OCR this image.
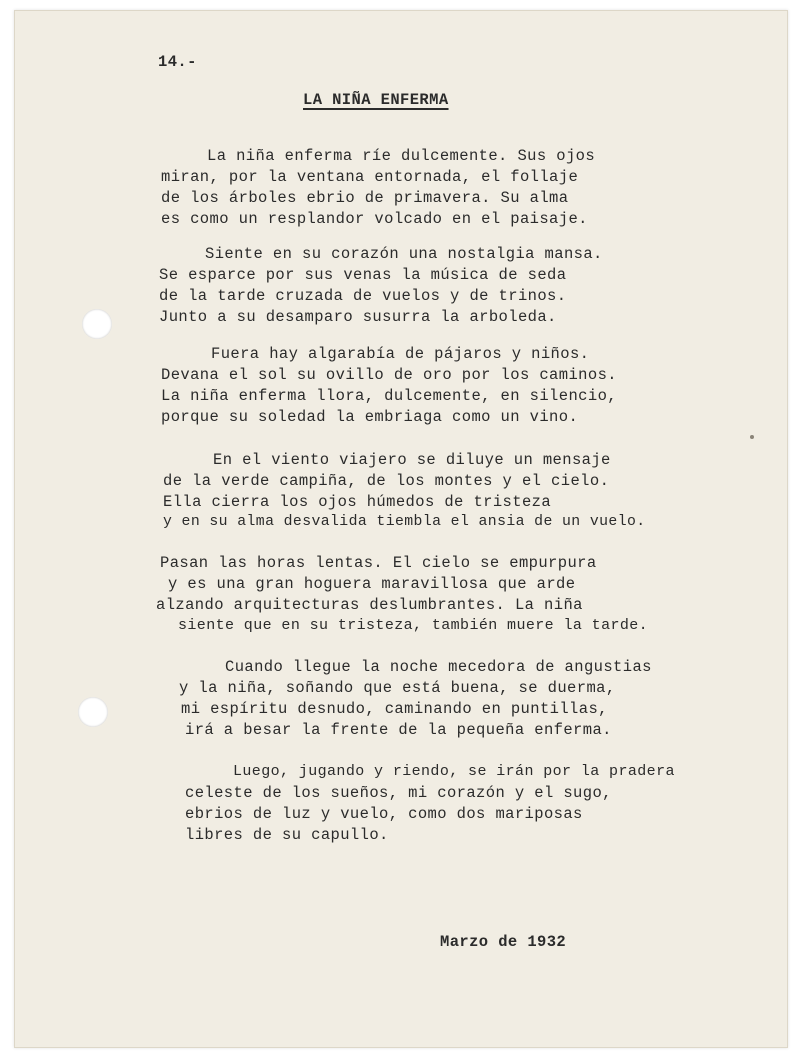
14.-
LA NIÑA ENFERMA
La niña enferma ríe dulcemente. Sus ojos
miran, por la ventana entornada, el follaje
de los árboles ebrio de primavera. Su alma
es como un resplandor volcado en el paisaje.
Siente en su corazón una nostalgia mansa.
Se esparce por sus venas la música de seda
de la tarde cruzada de vuelos y de trinos.
Junto a su desamparo susurra la arboleda.
Fuera hay algarabía de pájaros y niños.
Devana el sol su ovillo de oro por los caminos.
La niña enferma llora, dulcemente, en silencio,
porque su soledad la embriaga como un vino.
En el viento viajero se diluye un mensaje
de la verde campiña, de los montes y el cielo.
Ella cierra los ojos húmedos de tristeza
y en su alma desvalida tiembla el ansia de un vuelo.
Pasan las horas lentas. El cielo se empurpura
y es una gran hoguera maravillosa que arde
alzando arquitecturas deslumbrantes. La niña
siente que en su tristeza, también muere la tarde.
Cuando llegue la noche mecedora de angustias
y la niña, soñando que está buena, se duerma,
mi espíritu desnudo, caminando en puntillas,
irá a besar la frente de la pequeña enferma.
Luego, jugando y riendo, se irán por la pradera
celeste de los sueños, mi corazón y el sugo,
ebrios de luz y vuelo, como dos mariposas
libres de su capullo.
Marzo de 1932
